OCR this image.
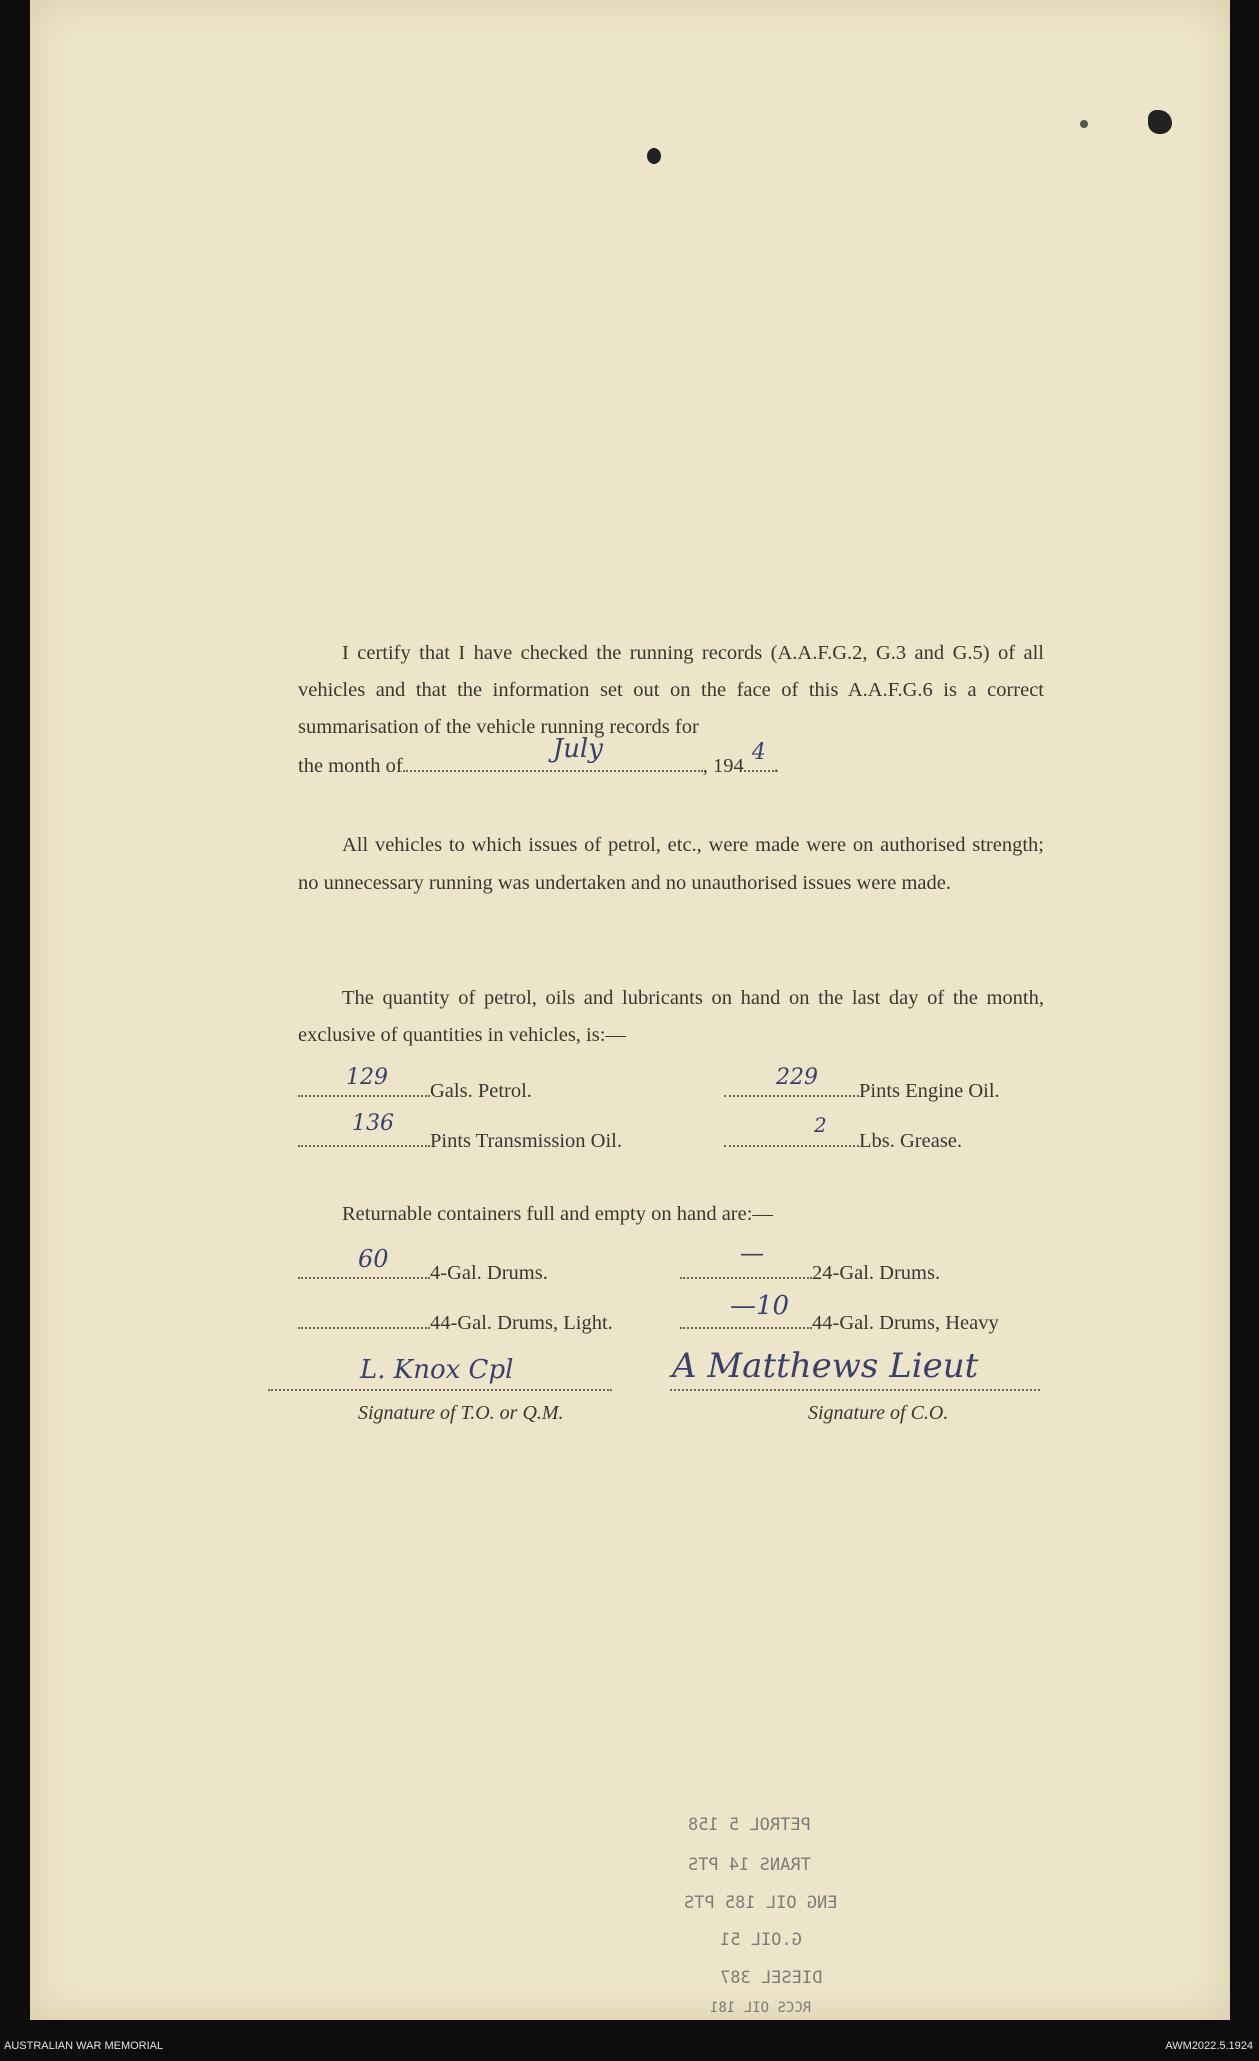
I certify that I have checked the running records (A.A.F.G.2, G.3 and G.5) of all vehicles and that the information set out on the face of this A.A.F.G.6 is a correct summarisation of the vehicle running records for

the month of
July
, 194
4
.

All vehicles to which issues of petrol, etc., were made were on authorised strength; no unnecessary running was undertaken and no unauthorised issues were made.

The quantity of petrol, oils and lubricants on hand on the last day of the month, exclusive of quantities in vehicles, is:—

129
Gals. Petrol.
229
Pints Engine Oil.
136
Pints Transmission Oil.
2
Lbs. Grease.
Returnable containers full and empty on hand are:—
60 4-Gal. Drums.
—
24-Gal. Drums.
44-Gal. Drums, Light.
—10
44-Gal. Drums, Heavy
L. Knox Cpl
Signature of T.O. or Q.M.
A Matthews Lieut
Signature of C.O.
PETROL 5 158
TRANS 14 PTS
ENG OIL 185 PTS
G.OIL 51
DIESEL 387
RCCS OIL 181
AUSTRALIAN WAR MEMORIAL	AWM2022.5.1924
